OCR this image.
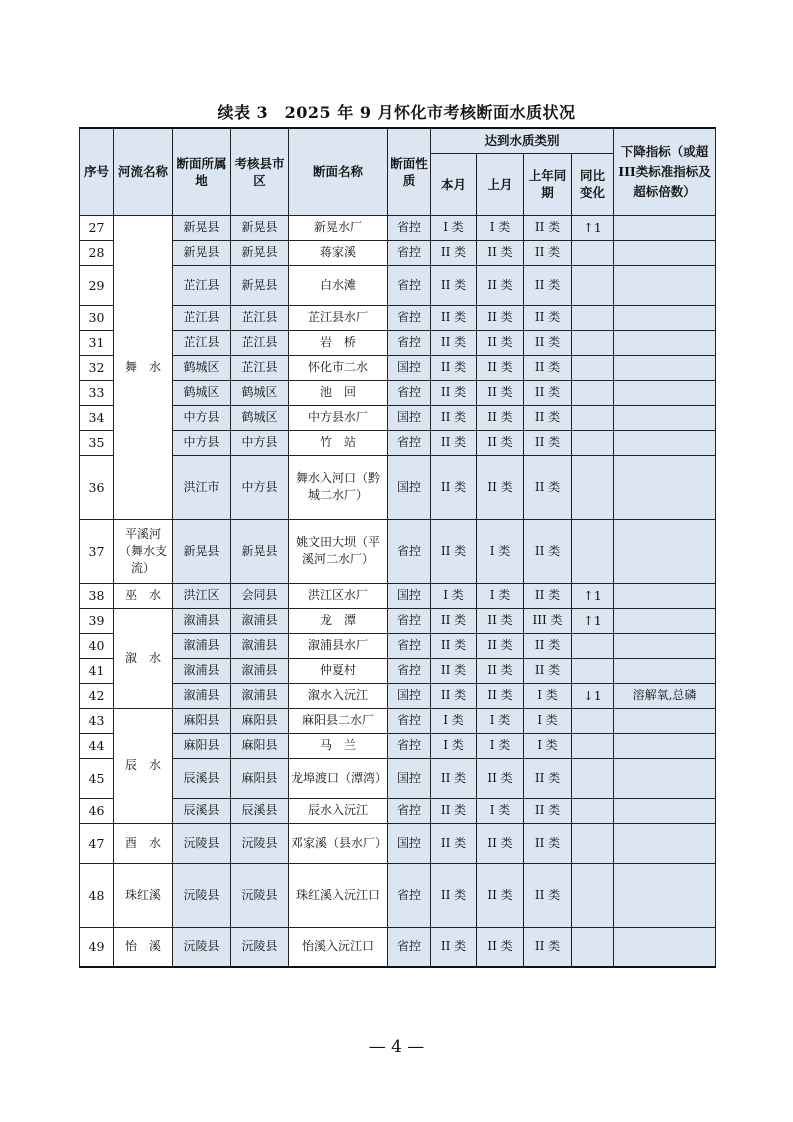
续表 3　2025 年 9 月怀化市考核断面水质状况
序号	河流名称	断面所属地	考核县市区	断面名称	断面性质	达到水质类别				下降指标（或超III类标准指标及超标倍数）
						本月	上月	上年同期	同比变化	
27	舞　水	新晃县	新晃县	新晃水厂	省控	I 类	I 类	II 类	↑1	
28		新晃县	新晃县	蒋家溪	省控	II 类	II 类	II 类		
29		芷江县	新晃县	白水滩	省控	II 类	II 类	II 类		
30		芷江县	芷江县	芷江县水厂	省控	II 类	II 类	II 类		
31		芷江县	芷江县	岩　桥	省控	II 类	II 类	II 类		
32		鹤城区	芷江县	怀化市二水	国控	II 类	II 类	II 类		
33		鹤城区	鹤城区	池　回	省控	II 类	II 类	II 类		
34		中方县	鹤城区	中方县水厂	国控	II 类	II 类	II 类		
35		中方县	中方县	竹　站	省控	II 类	II 类	II 类		
36		洪江市	中方县	舞水入河口（黔城二水厂）	国控	II 类	II 类	II 类		
37	平溪河（舞水支流）	新晃县	新晃县	姚文田大坝（平溪河二水厂）	省控	II 类	I 类	II 类		
38	巫　水	洪江区	会同县	洪江区水厂	国控	I 类	I 类	II 类	↑1	
39	溆　水	溆浦县	溆浦县	龙　潭	省控	II 类	II 类	III 类	↑1	
40		溆浦县	溆浦县	溆浦县水厂	省控	II 类	II 类	II 类		
41		溆浦县	溆浦县	仲夏村	省控	II 类	II 类	II 类		
42		溆浦县	溆浦县	溆水入沅江	国控	II 类	II 类	I 类	↓1	溶解氧,总磷
43	辰　水	麻阳县	麻阳县	麻阳县二水厂	省控	I 类	I 类	I 类		
44		麻阳县	麻阳县	马　兰	省控	I 类	I 类	I 类		
45		辰溪县	麻阳县	龙埠渡口（潭湾）	国控	II 类	II 类	II 类		
46		辰溪县	辰溪县	辰水入沅江	省控	II 类	I 类	II 类		
47	酉　水	沅陵县	沅陵县	邓家溪（县水厂）	国控	II 类	II 类	II 类		
48	珠红溪	沅陵县	沅陵县	珠红溪入沅江口	省控	II 类	II 类	II 类		
49	怡　溪	沅陵县	沅陵县	怡溪入沅江口	省控	II 类	II 类	II 类		
— 4 —
